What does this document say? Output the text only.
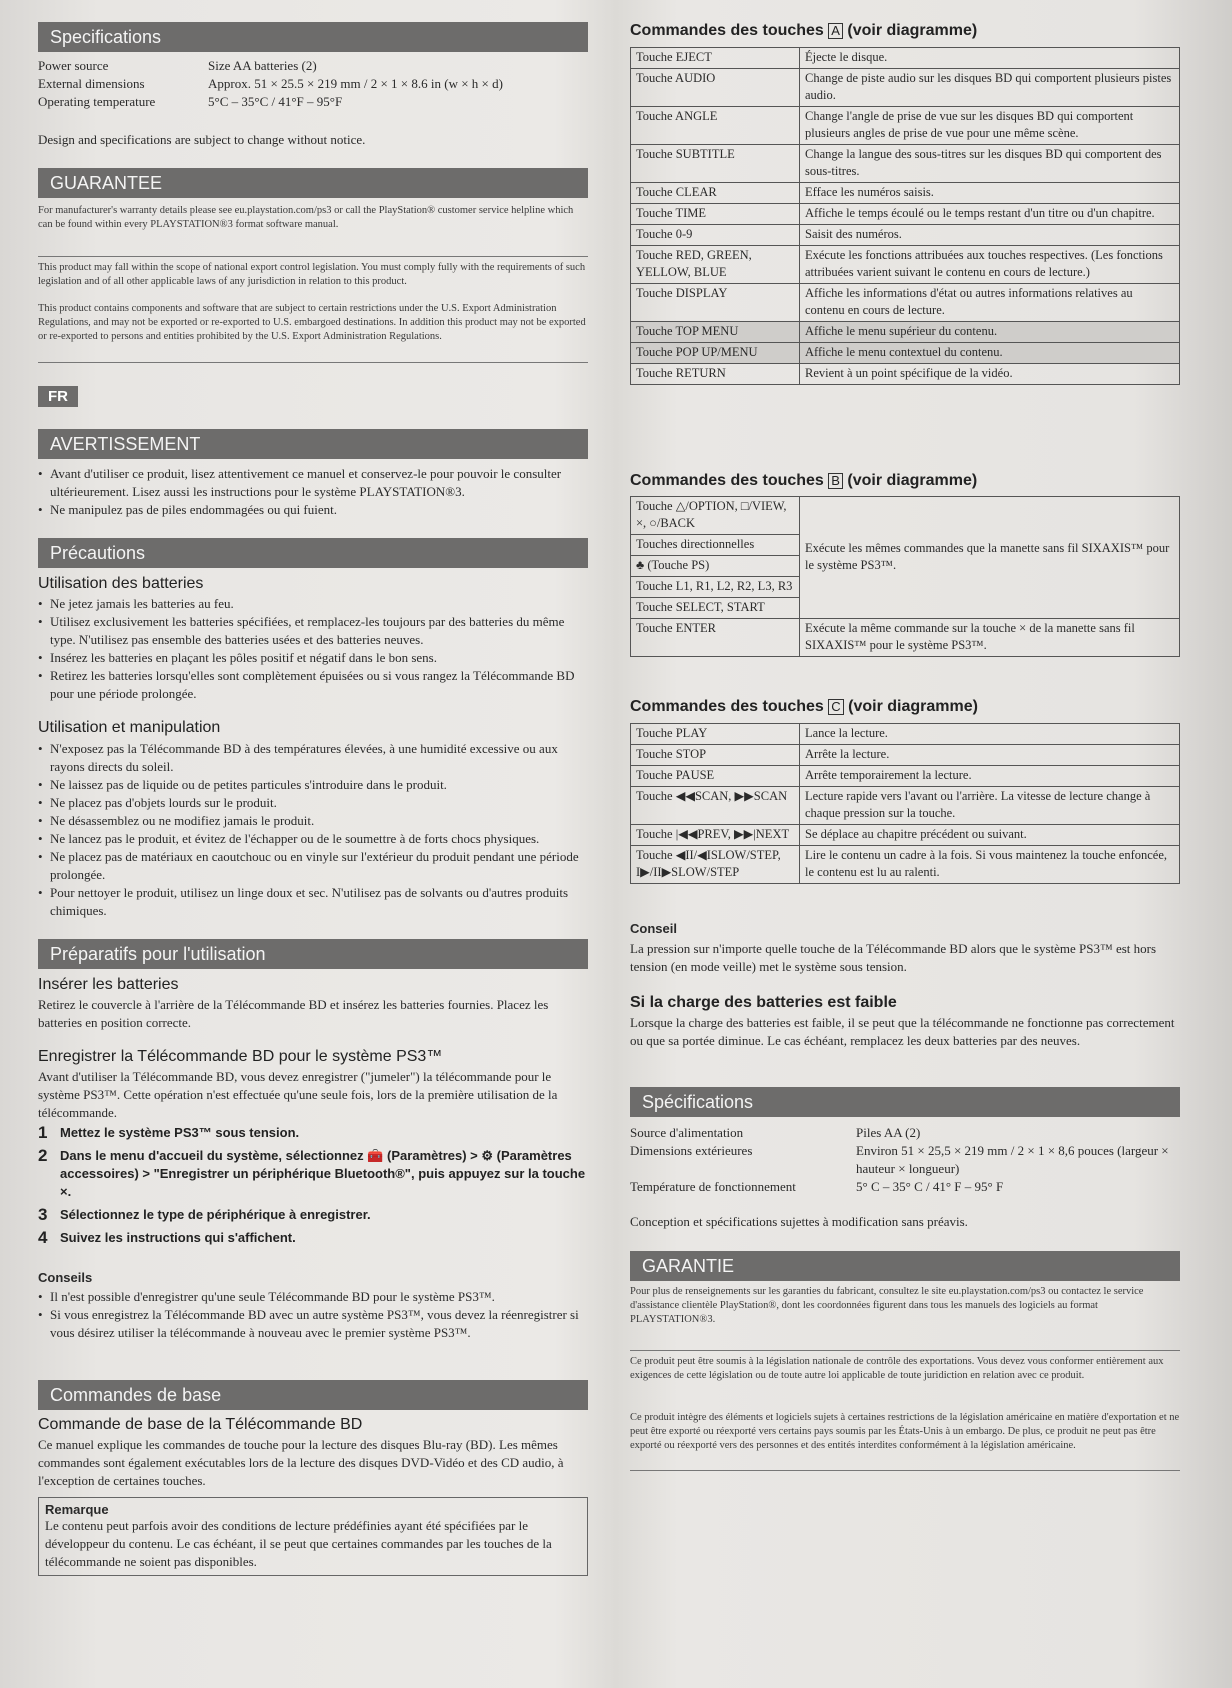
Specifications
Power source	Size AA batteries (2)
External dimensions	Approx. 51 × 25.5 × 219 mm / 2 × 1 × 8.6 in (w × h × d)
Operating temperature	5°C – 35°C / 41°F – 95°F

Design and specifications are subject to change without notice.

GUARANTEE

For manufacturer's warranty details please see eu.playstation.com/ps3 or call the PlayStation® customer service helpline which can be found within every PLAYSTATION®3 format software manual.

This product may fall within the scope of national export control legislation. You must comply fully with the requirements of such legislation and of all other applicable laws of any jurisdiction in relation to this product.

This product contains components and software that are subject to certain restrictions under the U.S. Export Administration Regulations, and may not be exported or re-exported to U.S. embargoed destinations. In addition this product may not be exported or re-exported to persons and entities prohibited by the U.S. Export Administration Regulations.

FR
AVERTISSEMENT
• Avant d'utiliser ce produit, lisez attentivement ce manuel et conservez-le pour pouvoir le consulter ultérieurement. Lisez aussi les instructions pour le système PLAYSTATION®3.
• Ne manipulez pas de piles endommagées ou qui fuient.
Précautions
Utilisation des batteries
• Ne jetez jamais les batteries au feu.
• Utilisez exclusivement les batteries spécifiées, et remplacez-les toujours par des batteries du même type. N'utilisez pas ensemble des batteries usées et des batteries neuves.
• Insérez les batteries en plaçant les pôles positif et négatif dans le bon sens.
• Retirez les batteries lorsqu'elles sont complètement épuisées ou si vous rangez la Télécommande BD pour une période prolongée.
Utilisation et manipulation
• N'exposez pas la Télécommande BD à des températures élevées, à une humidité excessive ou aux rayons directs du soleil.
• Ne laissez pas de liquide ou de petites particules s'introduire dans le produit.
• Ne placez pas d'objets lourds sur le produit.
• Ne désassemblez ou ne modifiez jamais le produit.
• Ne lancez pas le produit, et évitez de l'échapper ou de le soumettre à de forts chocs physiques.
• Ne placez pas de matériaux en caoutchouc ou en vinyle sur l'extérieur du produit pendant une période prolongée.
• Pour nettoyer le produit, utilisez un linge doux et sec. N'utilisez pas de solvants ou d'autres produits chimiques.
Préparatifs pour l'utilisation
Insérer les batteries

Retirez le couvercle à l'arrière de la Télécommande BD et insérez les batteries fournies. Placez les batteries en position correcte.

Enregistrer la Télécommande BD pour le système PS3™

Avant d'utiliser la Télécommande BD, vous devez enregistrer ("jumeler") la télécommande pour le système PS3™. Cette opération n'est effectuée qu'une seule fois, lors de la première utilisation de la télécommande.

1 Mettez le système PS3™ sous tension.
2 Dans le menu d'accueil du système, sélectionnez 🧰 (Paramètres) > ⚙ (Paramètres accessoires) > "Enregistrer un périphérique Bluetooth®", puis appuyez sur la touche ×.
3 Sélectionnez le type de périphérique à enregistrer.
4 Suivez les instructions qui s'affichent.
Conseils
• Il n'est possible d'enregistrer qu'une seule Télécommande BD pour le système PS3™.
• Si vous enregistrez la Télécommande BD avec un autre système PS3™, vous devez la réenregistrer si vous désirez utiliser la télécommande à nouveau avec le premier système PS3™.
Commandes de base
Commande de base de la Télécommande BD

Ce manuel explique les commandes de touche pour la lecture des disques Blu-ray (BD). Les mêmes commandes sont également exécutables lors de la lecture des disques DVD-Vidéo et des CD audio, à l'exception de certaines touches.

Remarque

Le contenu peut parfois avoir des conditions de lecture prédéfinies ayant été spécifiées par le développeur du contenu. Le cas échéant, il se peut que certaines commandes par les touches de la télécommande ne soient pas disponibles.

Commandes des touches A (voir diagramme)
Touche EJECT	Éjecte le disque.
Touche AUDIO	Change de piste audio sur les disques BD qui comportent plusieurs pistes audio.
Touche ANGLE	Change l'angle de prise de vue sur les disques BD qui comportent plusieurs angles de prise de vue pour une même scène.
Touche SUBTITLE	Change la langue des sous-titres sur les disques BD qui comportent des sous-titres.
Touche CLEAR	Efface les numéros saisis.
Touche TIME	Affiche le temps écoulé ou le temps restant d'un titre ou d'un chapitre.
Touche 0-9	Saisit des numéros.
Touche RED, GREEN, YELLOW, BLUE	Exécute les fonctions attribuées aux touches respectives. (Les fonctions attribuées varient suivant le contenu en cours de lecture.)
Touche DISPLAY	Affiche les informations d'état ou autres informations relatives au contenu en cours de lecture.
Touche TOP MENU	Affiche le menu supérieur du contenu.
Touche POP UP/MENU	Affiche le menu contextuel du contenu.
Touche RETURN	Revient à un point spécifique de la vidéo.
Commandes des touches B (voir diagramme)
Touche △/OPTION, □/VIEW, ×, ○/BACK	Exécute les mêmes commandes que la manette sans fil SIXAXIS™ pour le système PS3™.
Touches directionnelles	
♣ (Touche PS)	
Touche L1, R1, L2, R2, L3, R3	
Touche SELECT, START	
Touche ENTER	Exécute la même commande sur la touche × de la manette sans fil SIXAXIS™ pour le système PS3™.
Commandes des touches C (voir diagramme)
Touche PLAY	Lance la lecture.
Touche STOP	Arrête la lecture.
Touche PAUSE	Arrête temporairement la lecture.
Touche ◀◀SCAN, ▶▶SCAN	Lecture rapide vers l'avant ou l'arrière. La vitesse de lecture change à chaque pression sur la touche.
Touche |◀◀PREV, ▶▶|NEXT	Se déplace au chapitre précédent ou suivant.
Touche ◀II/◀ISLOW/STEP, I▶/II▶SLOW/STEP	Lire le contenu un cadre à la fois. Si vous maintenez la touche enfoncée, le contenu est lu au ralenti.
Conseil

La pression sur n'importe quelle touche de la Télécommande BD alors que le système PS3™ est hors tension (en mode veille) met le système sous tension.

Si la charge des batteries est faible

Lorsque la charge des batteries est faible, il se peut que la télécommande ne fonctionne pas correctement ou que sa portée diminue. Le cas échéant, remplacez les deux batteries par des neuves.

Spécifications
Source d'alimentation	Piles AA (2)
Dimensions extérieures	Environ 51 × 25,5 × 219 mm / 2 × 1 × 8,6 pouces (largeur × hauteur × longueur)
Température de fonctionnement	5° C – 35° C / 41° F – 95° F

Conception et spécifications sujettes à modification sans préavis.

GARANTIE

Pour plus de renseignements sur les garanties du fabricant, consultez le site eu.playstation.com/ps3 ou contactez le service d'assistance clientèle PlayStation®, dont les coordonnées figurent dans tous les manuels des logiciels au format PLAYSTATION®3.

Ce produit peut être soumis à la législation nationale de contrôle des exportations. Vous devez vous conformer entièrement aux exigences de cette législation ou de toute autre loi applicable de toute juridiction en relation avec ce produit.

Ce produit intègre des éléments et logiciels sujets à certaines restrictions de la législation américaine en matière d'exportation et ne peut être exporté ou réexporté vers certains pays soumis par les États-Unis à un embargo. De plus, ce produit ne peut pas être exporté ou réexporté vers des personnes et des entités interdites conformément à la législation américaine.
